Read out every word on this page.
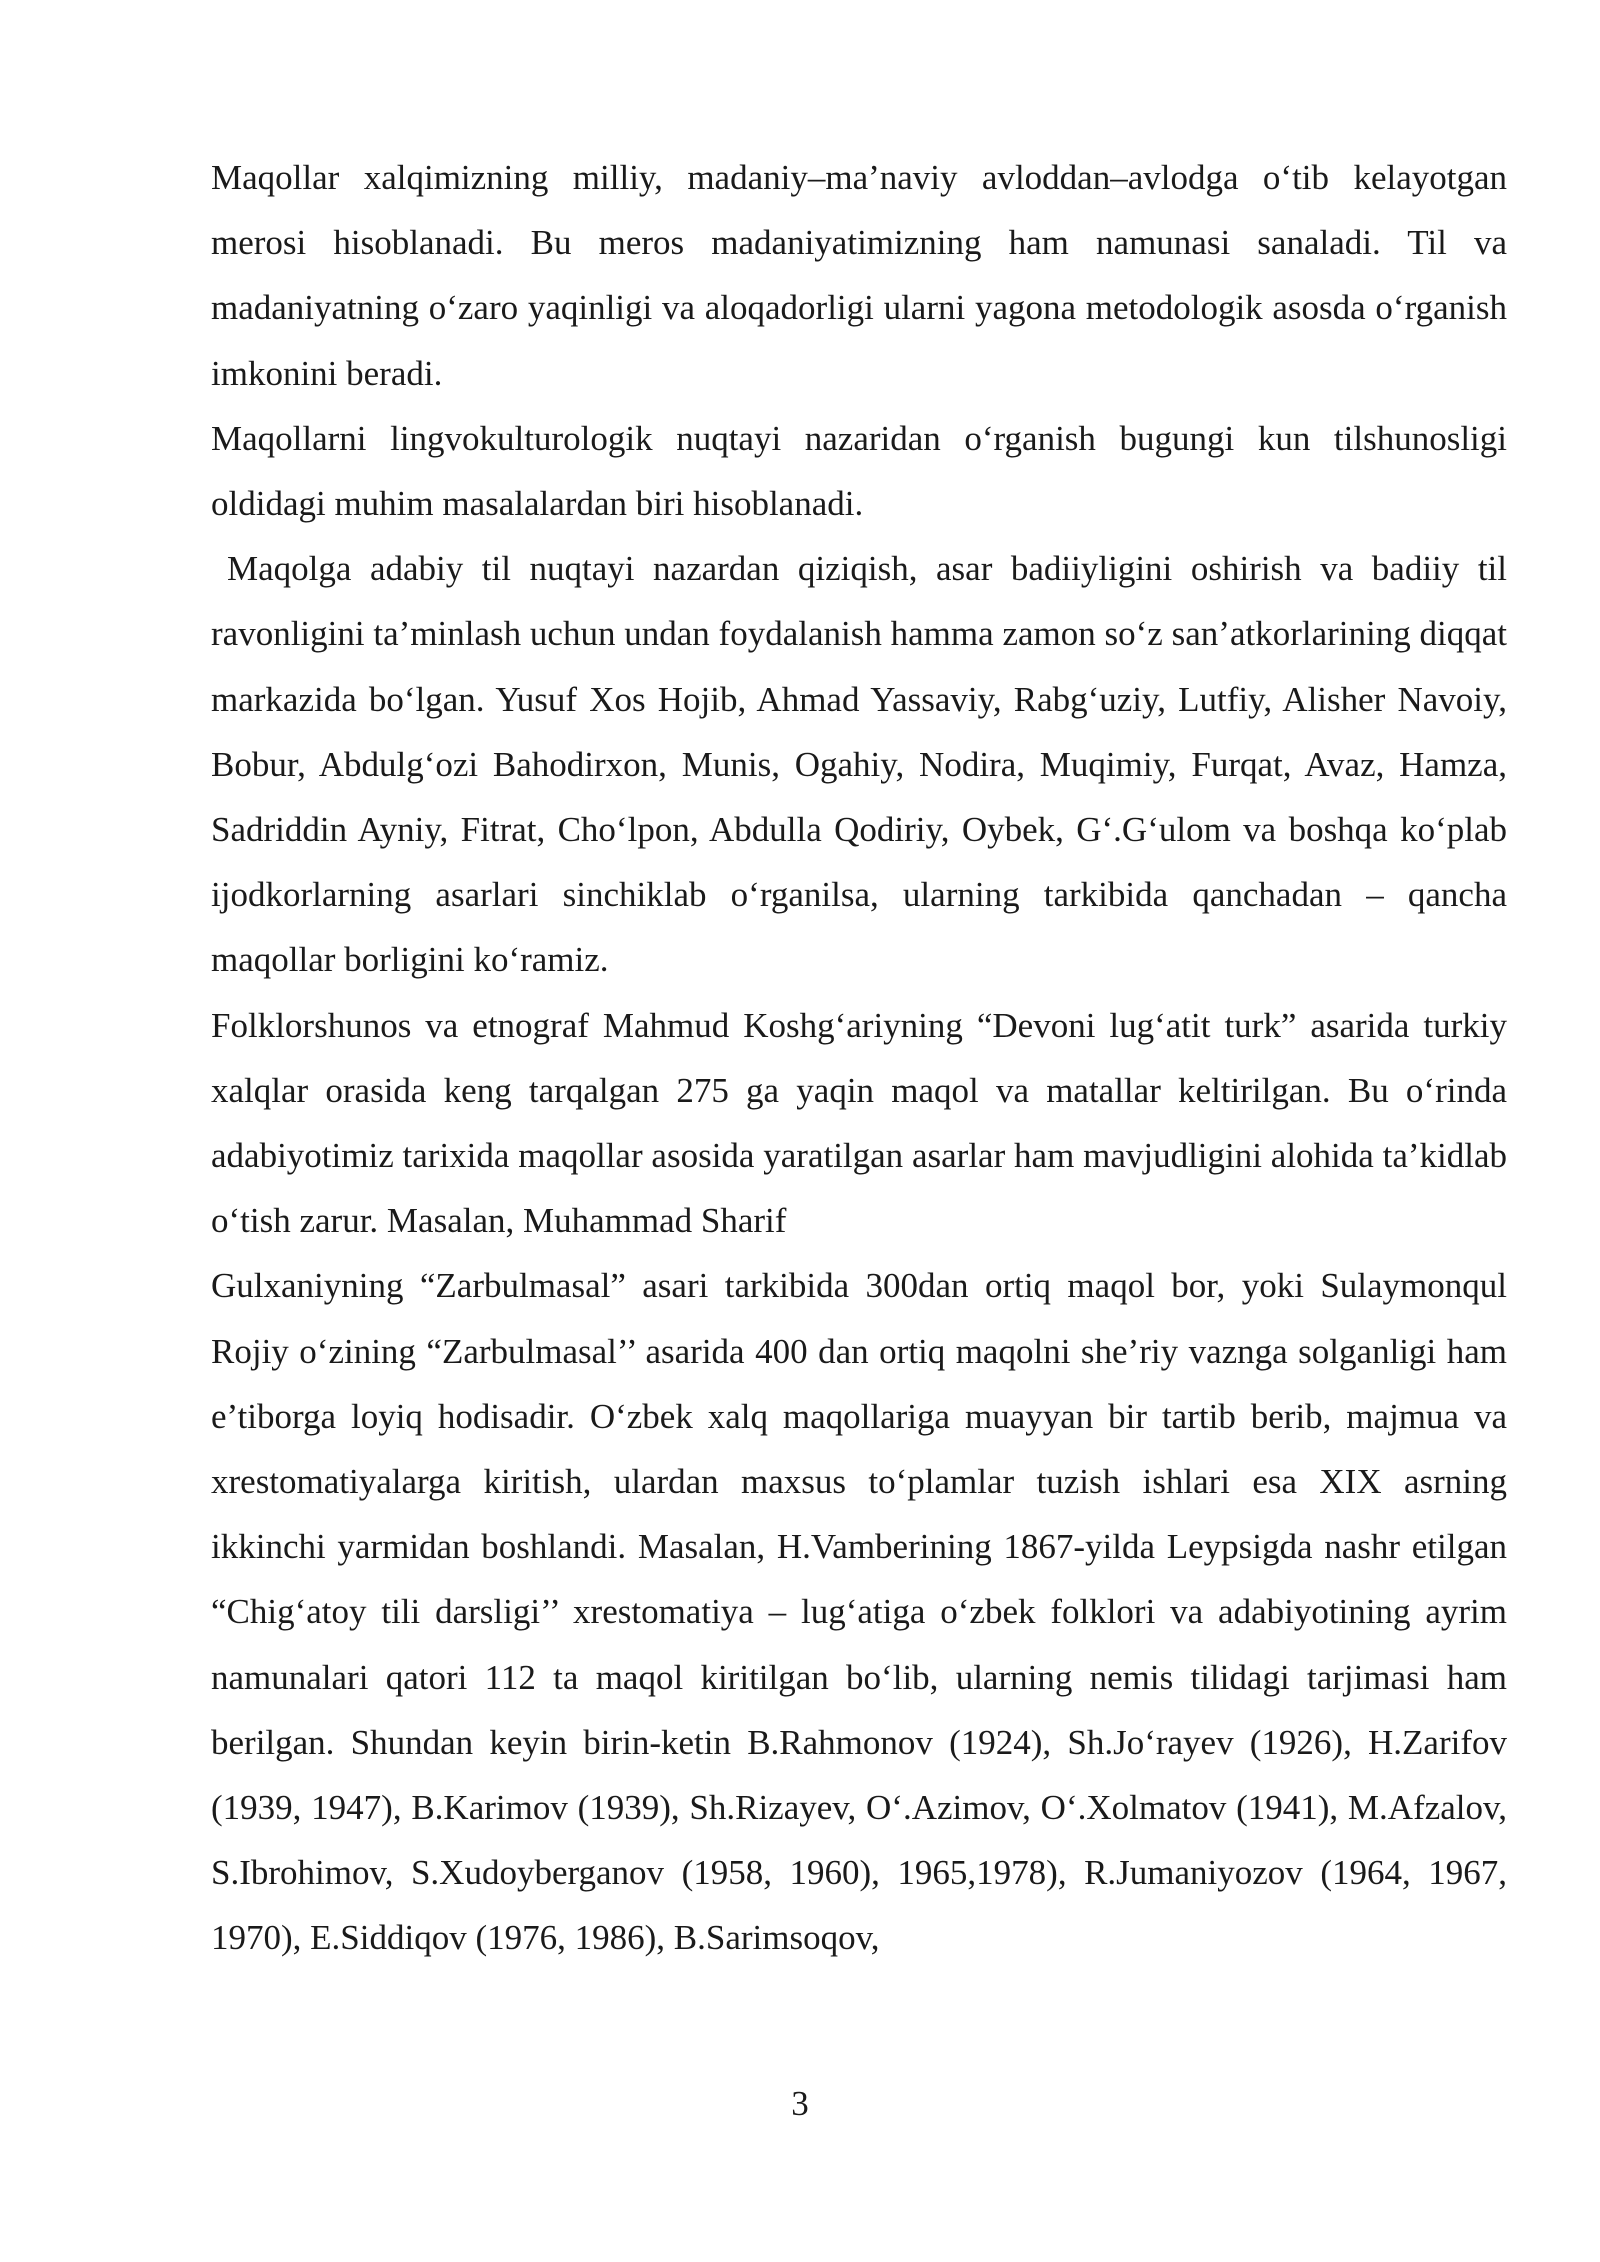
Maqollar xalqimizning milliy, madaniy–ma’naviy avloddan–avlodga o‘tib kelayotgan merosi hisoblanadi. Bu meros madaniyatimizning ham namunasi sanaladi. Til va madaniyatning o‘zaro yaqinligi va aloqadorligi ularni yagona metodologik asosda o‘rganish imkonini beradi.

Maqollarni lingvokulturologik nuqtayi nazaridan o‘rganish bugungi kun tilshunosligi oldidagi muhim masalalardan biri hisoblanadi.

Maqolga adabiy til nuqtayi nazardan qiziqish, asar badiiyligini oshirish va badiiy til ravonligini ta’minlash uchun undan foydalanish hamma zamon so‘z san’atkorlarining diqqat markazida bo‘lgan. Yusuf Xos Hojib, Ahmad Yassaviy, Rabg‘uziy, Lutfiy, Alisher Navoiy, Bobur, Abdulg‘ozi Bahodirxon, Munis, Ogahiy, Nodira, Muqimiy, Furqat, Avaz, Hamza, Sadriddin Ayniy, Fitrat, Cho‘lpon, Abdulla Qodiriy, Oybek, G‘.G‘ulom va boshqa ko‘plab ijodkorlarning asarlari sinchiklab o‘rganilsa, ularning tarkibida qanchadan – qancha maqollar borligini ko‘ramiz.

Folklorshunos va etnograf Mahmud Koshg‘ariyning “Devoni lug‘atit turk” asarida turkiy xalqlar orasida keng tarqalgan 275 ga yaqin maqol va matallar keltirilgan. Bu o‘rinda adabiyotimiz tarixida maqollar asosida yaratilgan asarlar ham mavjudligini alohida ta’kidlab o‘tish zarur. Masalan, Muhammad Sharif

Gulxaniyning “Zarbulmasal” asari tarkibida 300dan ortiq maqol bor, yoki Sulaymonqul Rojiy o‘zining “Zarbulmasal’’ asarida 400 dan ortiq maqolni she’riy vaznga solganligi ham e’tiborga loyiq hodisadir. O‘zbek xalq maqollariga muayyan bir tartib berib, majmua va xrestomatiyalarga kiritish, ulardan maxsus to‘plamlar tuzish ishlari esa XIX asrning ikkinchi yarmidan boshlandi. Masalan, H.Vamberining 1867-yilda Leypsigda nashr etilgan “Chig‘atoy tili darsligi’’ xrestomatiya – lug‘atiga o‘zbek folklori va adabiyotining ayrim namunalari qatori 112 ta maqol kiritilgan bo‘lib, ularning nemis tilidagi tarjimasi ham berilgan. Shundan keyin birin-ketin B.Rahmonov (1924), Sh.Jo‘rayev (1926), H.Zarifov (1939, 1947), B.Karimov (1939), Sh.Rizayev, O‘.Azimov, O‘.Xolmatov (1941), M.Afzalov, S.Ibrohimov, S.Xudoyberganov (1958, 1960), 1965,1978), R.Jumaniyozov (1964, 1967, 1970), E.Siddiqov (1976, 1986), B.Sarimsoqov,

3
